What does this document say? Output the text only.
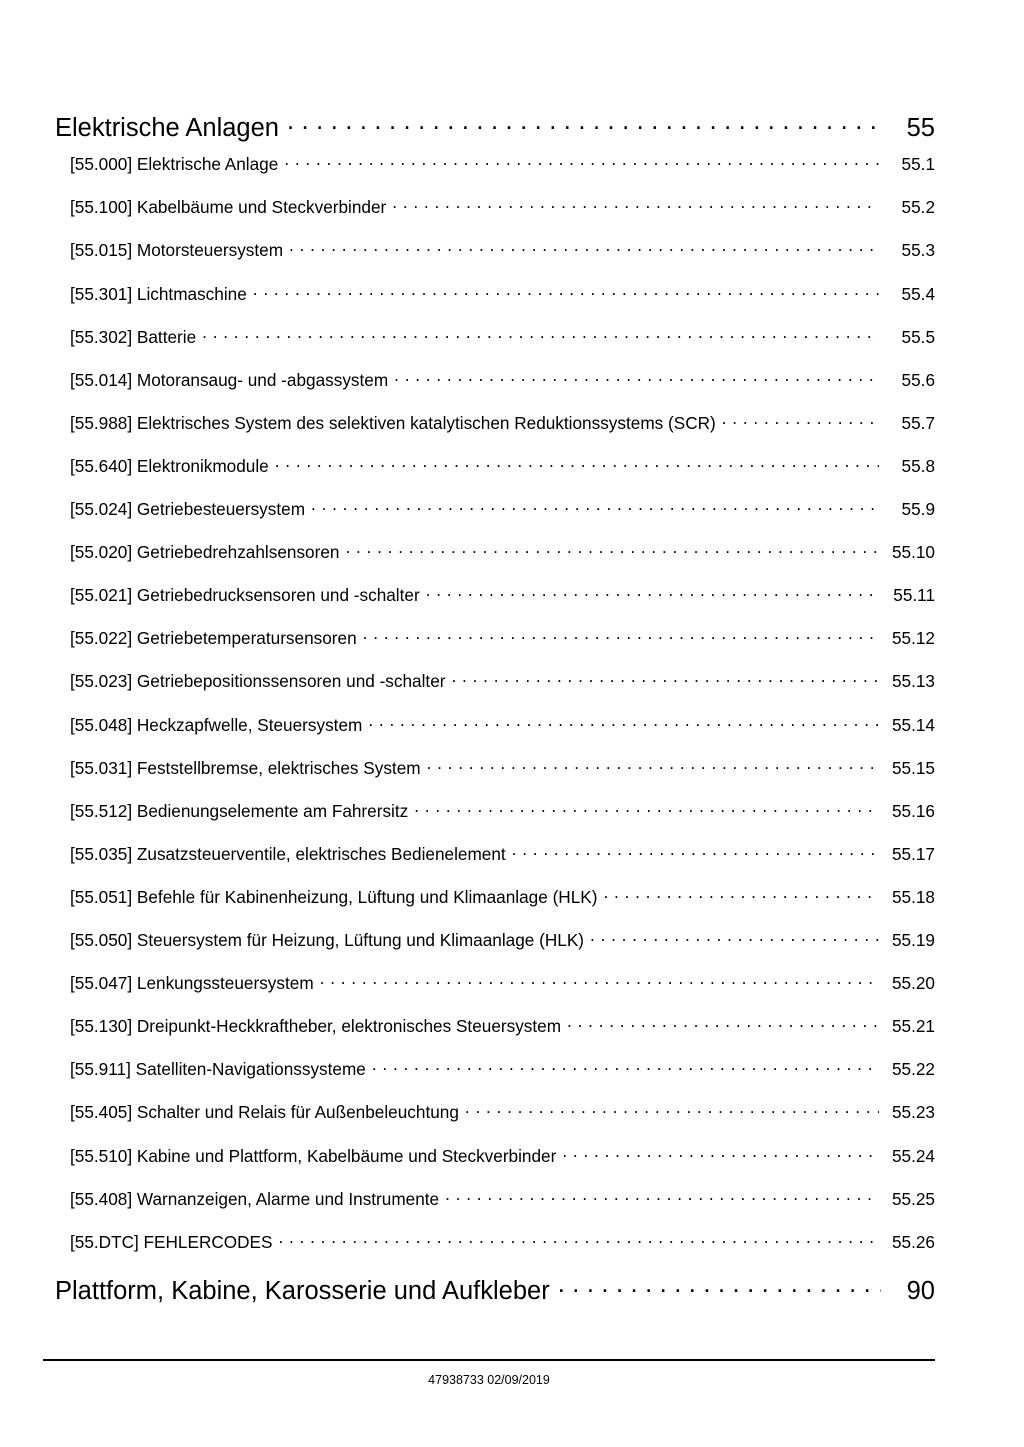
Elektrische Anlagen . . .	55
[55.000] Elektrische Anlage . . .	55.1
[55.100] Kabelbäume und Steckverbinder . . .	55.2
[55.015] Motorsteuersystem . . .	55.3
[55.301] Lichtmaschine . . .	55.4
[55.302] Batterie . . .	55.5
[55.014] Motoransaug- und -abgassystem . . .	55.6
[55.988] Elektrisches System des selektiven katalytischen Reduktionssystems (SCR) . . .	55.7
[55.640] Elektronikmodule . . .	55.8
[55.024] Getriebesteuersystem . . .	55.9
[55.020] Getriebedrehzahlsensoren . . .	55.10
[55.021] Getriebedrucksensoren und -schalter . . .	55.11
[55.022] Getriebetemperatursensoren . . .	55.12
[55.023] Getriebepositionssensoren und -schalter . . .	55.13
[55.048] Heckzapfwelle, Steuersystem . . .	55.14
[55.031] Feststellbremse, elektrisches System . . .	55.15
[55.512] Bedienungselemente am Fahrersitz . . .	55.16
[55.035] Zusatzsteuerventile, elektrisches Bedienelement . . .	55.17
[55.051] Befehle für Kabinenheizung, Lüftung und Klimaanlage (HLK) . . .	55.18
[55.050] Steuersystem für Heizung, Lüftung und Klimaanlage (HLK) . . .	55.19
[55.047] Lenkungssteuersystem . . .	55.20
[55.130] Dreipunkt-Heckkraftheber, elektronisches Steuersystem . . .	55.21
[55.911] Satelliten-Navigationssysteme . . .	55.22
[55.405] Schalter und Relais für Außenbeleuchtung . . .	55.23
[55.510] Kabine und Plattform, Kabelbäume und Steckverbinder . . .	55.24
[55.408] Warnanzeigen, Alarme und Instrumente . . .	55.25
[55.DTC] FEHLERCODES . . .	55.26
Plattform, Kabine, Karosserie und Aufkleber . . .	90
47938733 02/09/2019
